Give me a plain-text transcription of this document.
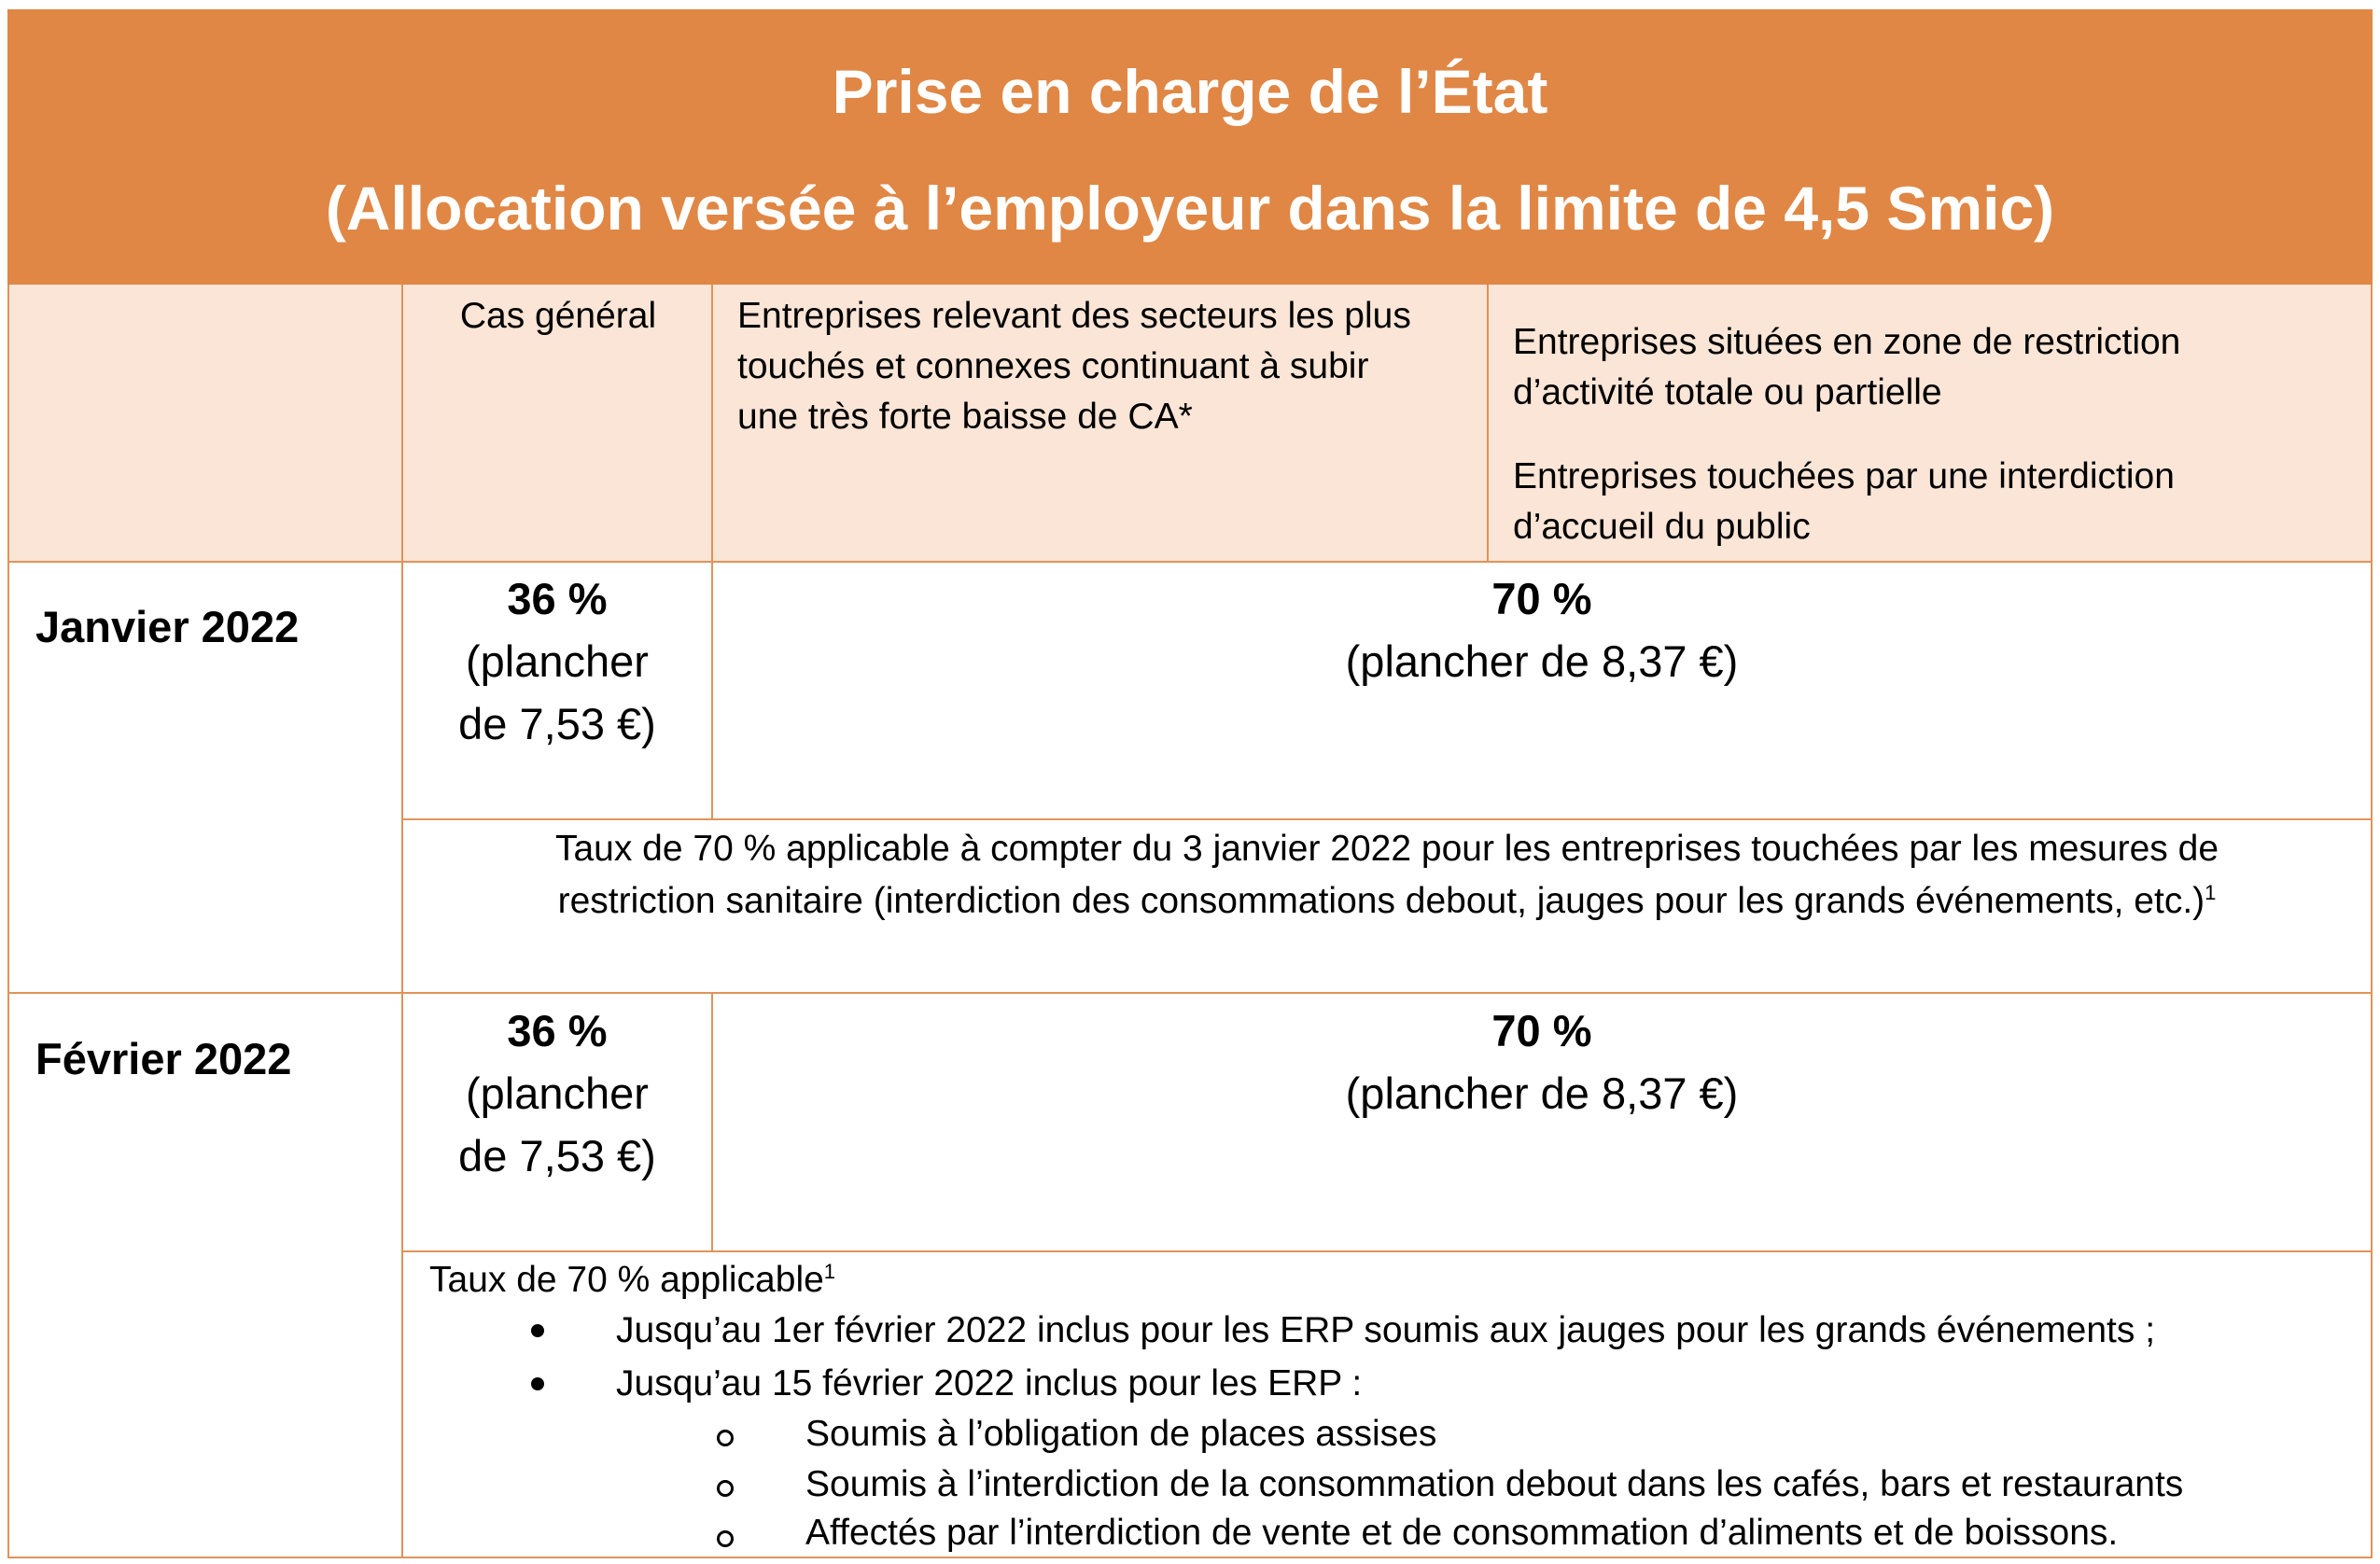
Prise en charge de l’État
(Allocation versée à l’employeur dans la limite de 4,5 Smic)
Cas général	Entreprises relevant des secteurs les plus
touchés et connexes continuant à subir
une très forte baisse de CA*
Entreprises situées en zone de restriction
d’activité totale ou partielle
Entreprises touchées par une interdiction
d’accueil du public
Janvier 2022
36 %
(plancher
de 7,53 €)
70 %
(plancher de 8,37 €)
Taux de 70 % applicable à compter du 3 janvier 2022 pour les entreprises touchées par les mesures de
restriction sanitaire (interdiction des consommations debout, jauges pour les grands événements, etc.)$^1$
Février 2022
36 %
(plancher
de 7,53 €)
70 %
(plancher de 8,37 €)
Taux de 70 % applicable$^1$
Jusqu’au 1er février 2022 inclus pour les ERP soumis aux jauges pour les grands événements ;
Jusqu’au 15 février 2022 inclus pour les ERP :
Soumis à l’obligation de places assises
Soumis à l’interdiction de la consommation debout dans les cafés, bars et restaurants
Affectés par l’interdiction de vente et de consommation d’aliments et de boissons.
